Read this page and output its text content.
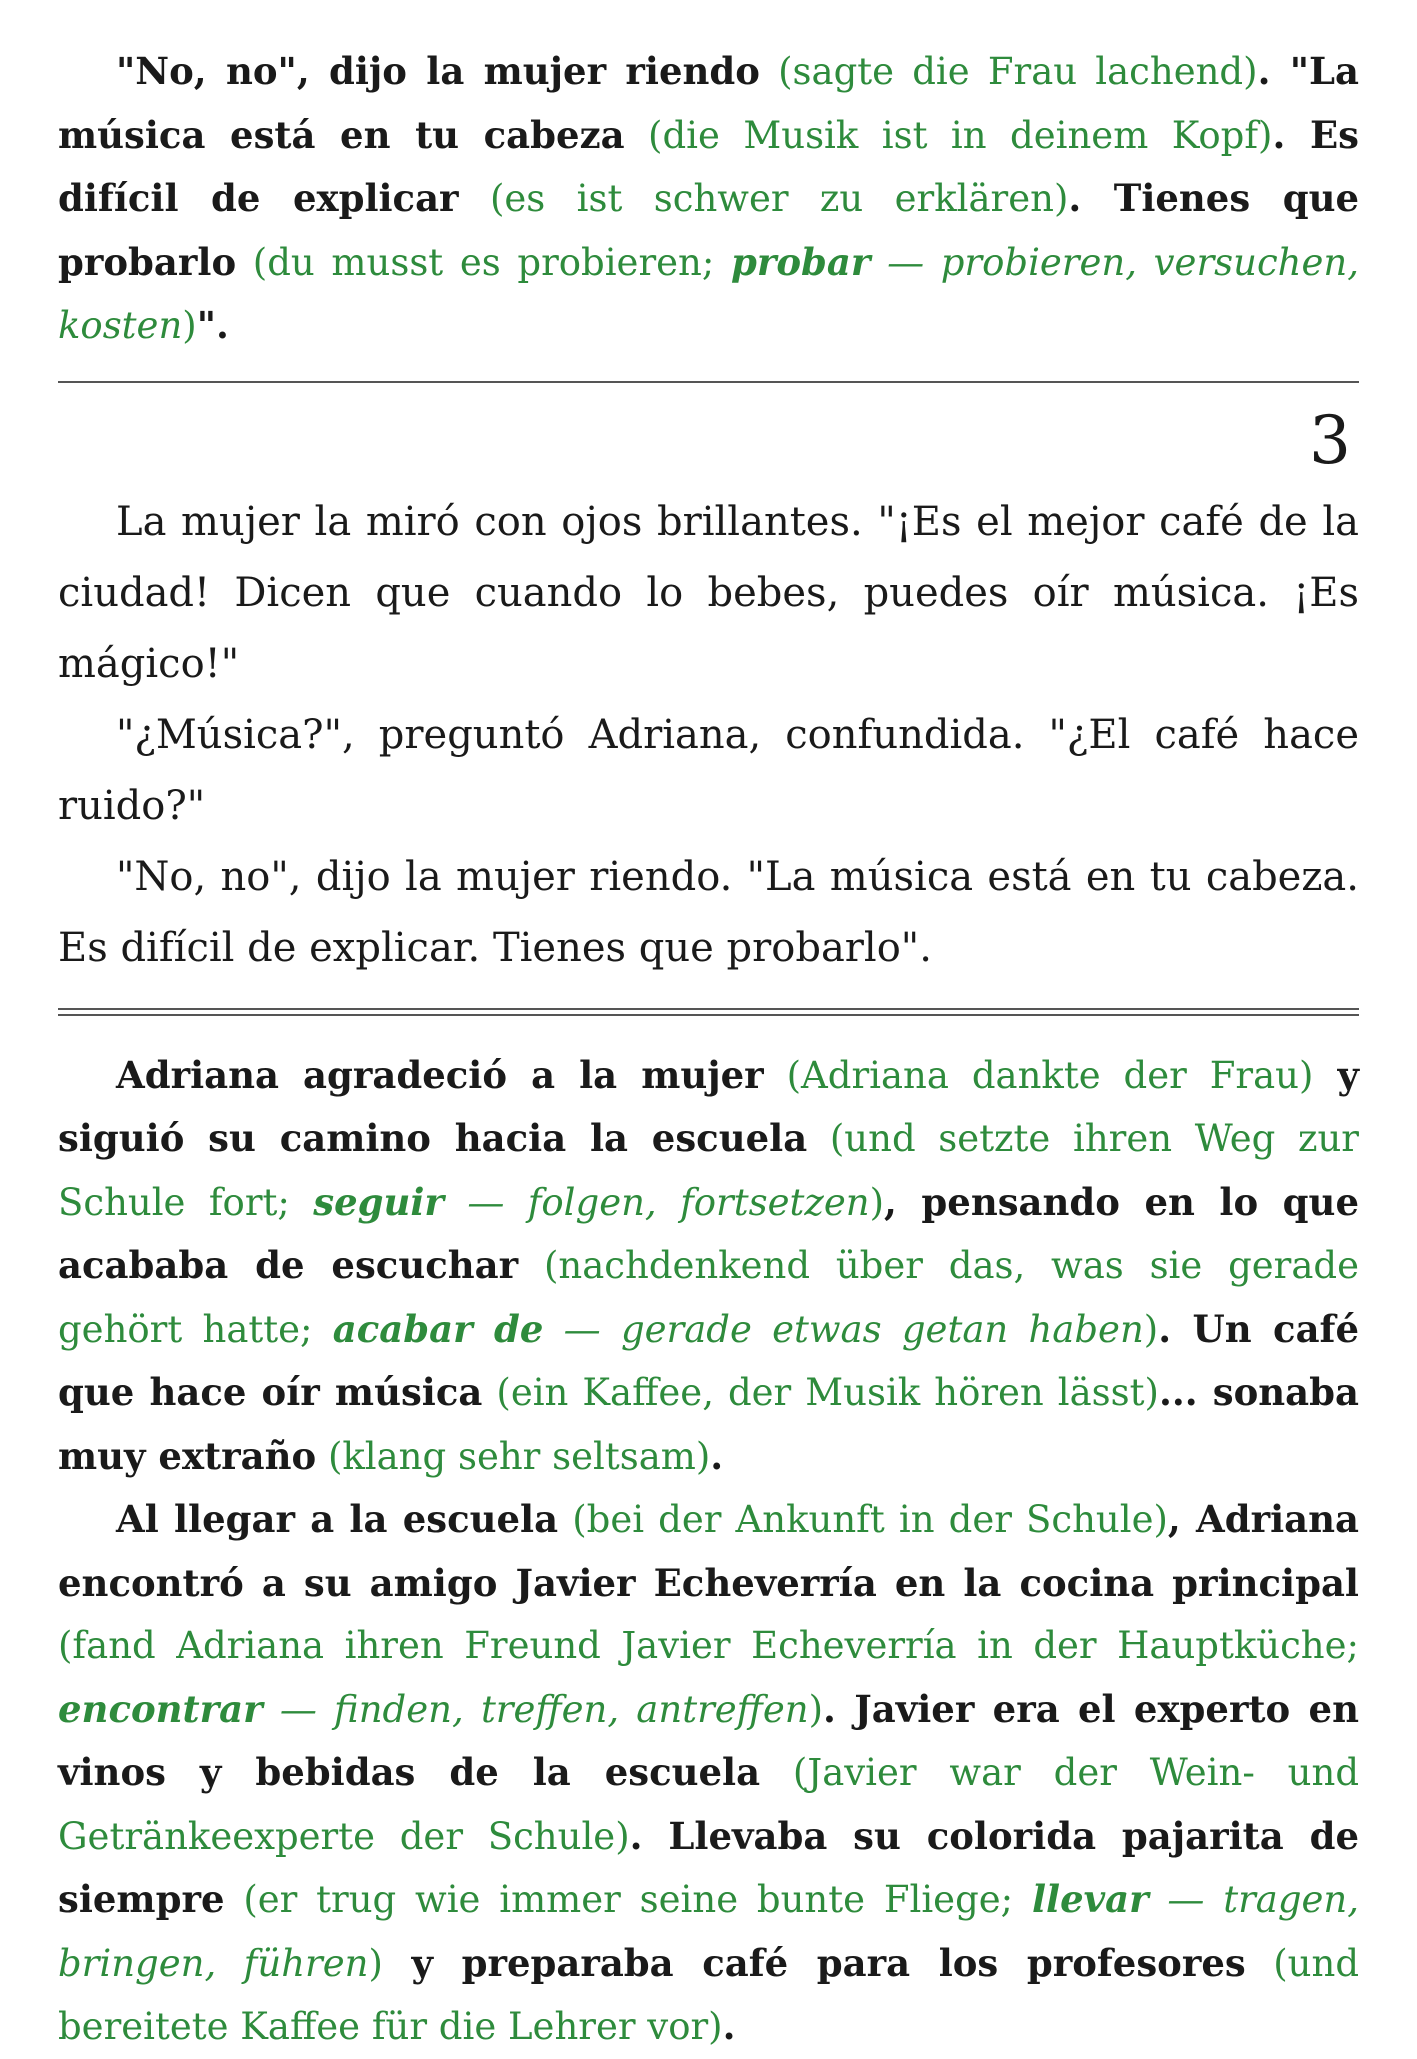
"No, no", dijo la mujer riendo (sagte die Frau lachend). "La música está en tu cabeza (die Musik ist in deinem Kopf). Es difícil de explicar (es ist schwer zu erklären). Tienes que probarlo (du musst es probieren; probar — probieren, versuchen, kosten)".

3

La mujer la miró con ojos brillantes. "¡Es el mejor café de la ciudad! Dicen que cuando lo bebes, puedes oír música. ¡Es mágico!"

"¿Música?", preguntó Adriana, confundida. "¿El café hace ruido?"

"No, no", dijo la mujer riendo. "La música está en tu cabeza. Es difícil de explicar. Tienes que probarlo".

Adriana agradeció a la mujer (Adriana dankte der Frau) y siguió su camino hacia la escuela (und setzte ihren Weg zur Schule fort; seguir — folgen, fortsetzen), pensando en lo que acababa de escuchar (nachdenkend über das, was sie gerade gehört hatte; acabar de — gerade etwas getan haben). Un café que hace oír música (ein Kaffee, der Musik hören lässt)... sonaba muy extraño (klang sehr seltsam).

Al llegar a la escuela (bei der Ankunft in der Schule), Adriana encontró a su amigo Javier Echeverría en la cocina principal (fand Adriana ihren Freund Javier Echeverría in der Hauptküche; encontrar — finden, treffen, antreffen). Javier era el experto en vinos y bebidas de la escuela (Javier war der Wein- und Getränkeexperte der Schule). Llevaba su colorida pajarita de siempre (er trug wie immer seine bunte Fliege; llevar — tragen, bringen, führen) y preparaba café para los profesores (und bereitete Kaffee für die Lehrer vor).
